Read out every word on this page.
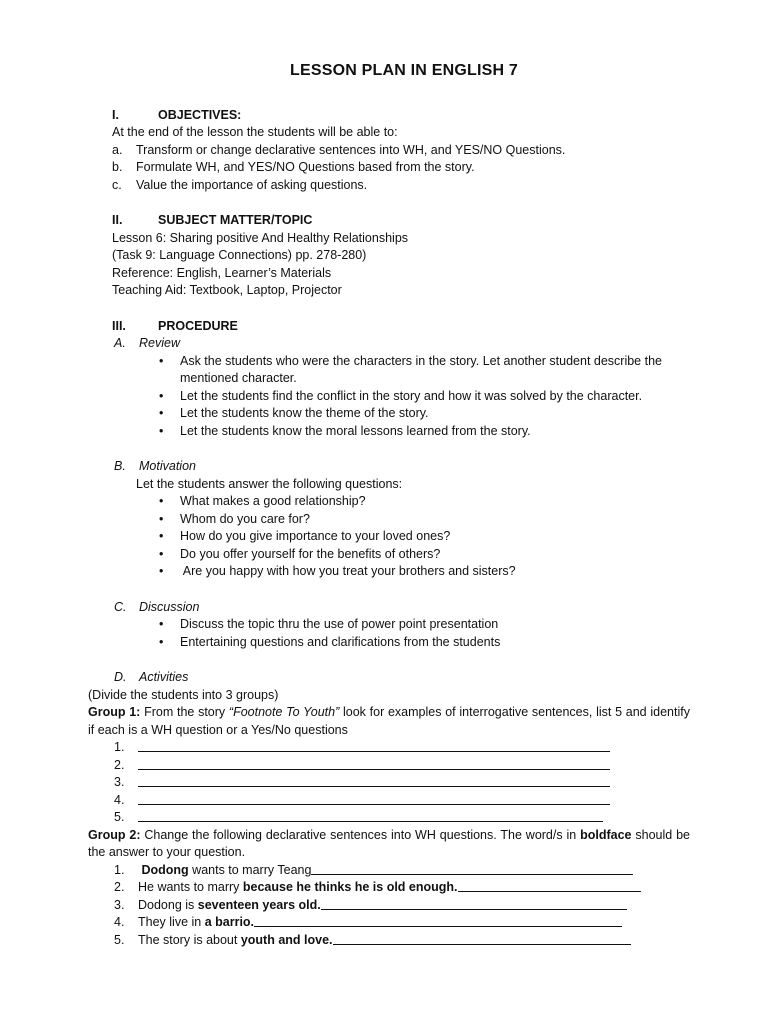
LESSON PLAN IN ENGLISH 7
I.	OBJECTIVES:
At the end of the lesson the students will be able to:
a.	Transform or change declarative sentences into WH, and YES/NO Questions.
b.	Formulate WH, and YES/NO Questions based from the story.
c.	Value the importance of asking questions.
II.	SUBJECT MATTER/TOPIC
Lesson 6: Sharing positive And Healthy Relationships
(Task 9: Language Connections) pp. 278-280)
Reference: English, Learner’s Materials
Teaching Aid: Textbook, Laptop, Projector
III.	PROCEDURE
A.	Review
• Ask the students who were the characters in the story. Let another student describe the
mentioned character.
• Let the students find the conflict in the story and how it was solved by the character.
• Let the students know the theme of the story.
• Let the students know the moral lessons learned from the story.
B.	Motivation
Let the students answer the following questions:
• What makes a good relationship?
• Whom do you care for?
• How do you give importance to your loved ones?
• Do you offer yourself for the benefits of others?
• Are you happy with how you treat your brothers and sisters?
C.	Discussion
• Discuss the topic thru the use of power point presentation
• Entertaining questions and clarifications from the students
D.	Activities
(Divide the students into 3 groups)
Group 1: From the story “Footnote To Youth” look for examples of interrogative sentences, list 5 and identify if each is a WH question or a Yes/No questions
1.
2.
3.
4.
5.
Group 2: Change the following declarative sentences into WH questions. The word/s in boldface should be the answer to your question.
1.	Dodong wants to marry Teang
2.	He wants to marry because he thinks he is old enough.
3.	Dodong is seventeen years old.
4.	They live in a barrio.
5.	The story is about youth and love.
